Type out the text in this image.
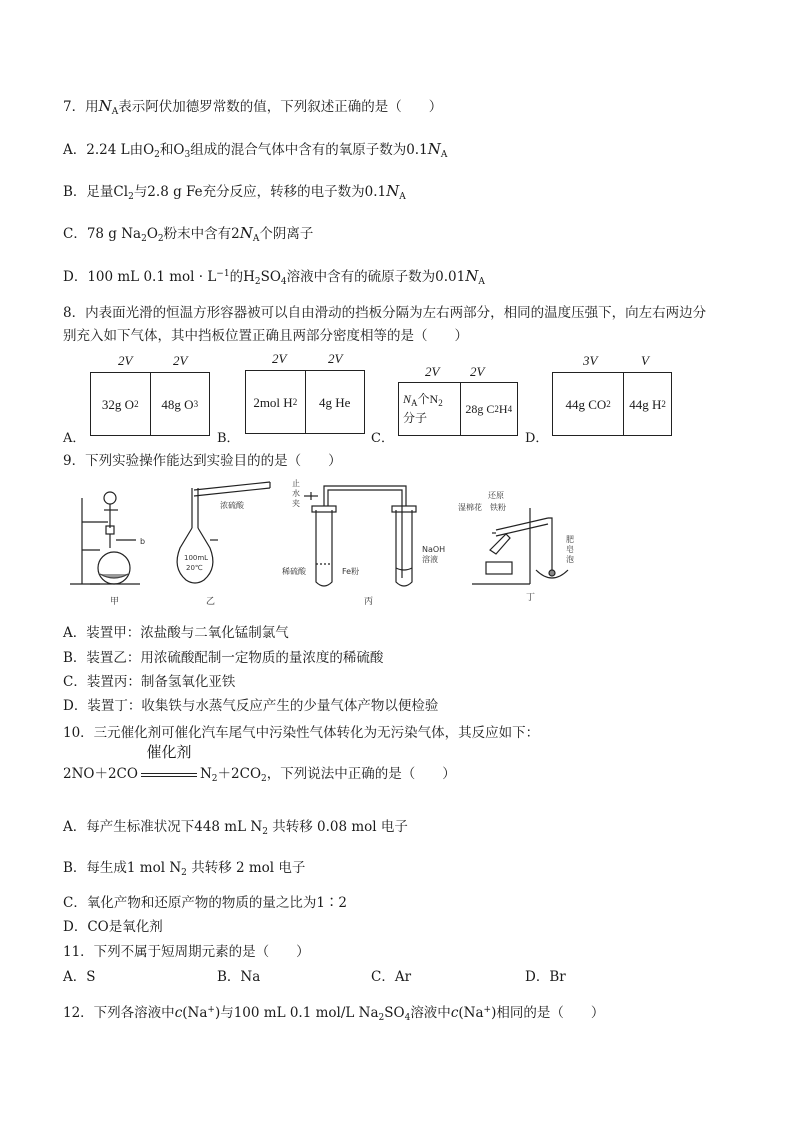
7．用$N_A$表示阿伏加德罗常数的值，下列叙述正确的是（　　）
A．2.24 L由$O_2$和$O_3$组成的混合气体中含有的氧原子数为$0.1N_A$
B．足量$Cl_2$与2.8 g Fe充分反应，转移的电子数为$0.1N_A$
C．78 g $Na_2O_2$粉末中含有$2N_A$个阴离子
D．100 mL 0.1 mol · $L^{-1}$的$H_2SO_4$溶液中含有的硫原子数为$0.01N_A$
8．内表面光滑的恒温方形容器被可以自由滑动的挡板分隔为左右两部分，相同的温度压强下，向左右两边分
别充入如下气体，其中挡板位置正确且两部分密度相等的是（　　）
2V	2V	2V	2V
2V 2V
3V	V
A．	B．	C．	D．
32g O 2 48g O 3	2mol H 2 4g He	$N_A$个$N_2$
分子
28g C 2 H 4	44g CO 2 44g H 2
9．下列实验操作能达到实验目的的是（　　）
甲
b
乙
浓硫酸
100mL
20℃
止
水
夹
稀硫酸	Fe粉
NaOH
溶液
丙
还原
湿棉花 铁粉
肥
皂
泡
丁
A．装置甲：浓盐酸与二氧化锰制氯气
B．装置乙：用浓硫酸配制一定物质的量浓度的稀硫酸
C．装置丙：制备氢氧化亚铁
D．装置丁：收集铁与水蒸气反应产生的少量气体产物以便检验
10．三元催化剂可催化汽车尾气中污染性气体转化为无污染气体，其反应如下：
2NO＋2CO
催化剂
$N_2+2CO_2$，下列说法中正确的是（　　）
A．每产生标准状况下448 mL $N_2$ 共转移 0.08 mol 电子
B．每生成1 mol $N_2$ 共转移 2 mol 电子
C．氧化产物和还原产物的物质的量之比为1∶2
D．CO是氧化剂
11．下列不属于短周期元素的是（　　）
A．S	B．Na	C．Ar	D．Br
12．下列各溶液中c(Na+)与100 mL 0.1 mol/L $Na_2SO_4$溶液中c(Na+)相同的是（　　）
